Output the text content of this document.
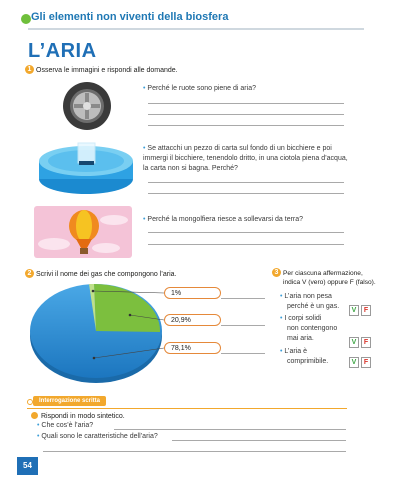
Gli elementi non viventi della biosfera
L’ARIA
1 Osserva le immagini e rispondi alle domande.
• Perché le ruote sono piene di aria?
• Se attacchi un pezzo di carta sul fondo di un bicchiere e poi immergi il bicchiere, tenendolo dritto, in una ciotola piena d’acqua, la carta non si bagna. Perché?
• Perché la mongolfiera riesce a sollevarsi da terra?
2 Scrivi il nome dei gas che compongono l’aria.
1%
20,9%
78,1%
3 Per ciascuna affermazione,
indica V (vero) oppure F (falso).
• L’aria non pesa
perché è un gas.
V F
• I corpi solidi
non contengono
mai aria.
V F
• L’aria è
comprimibile.	V F
Interrogazione scritta
Rispondi in modo sintetico.
• Che cos’è l’aria?
• Quali sono le caratteristiche dell’aria?
54
